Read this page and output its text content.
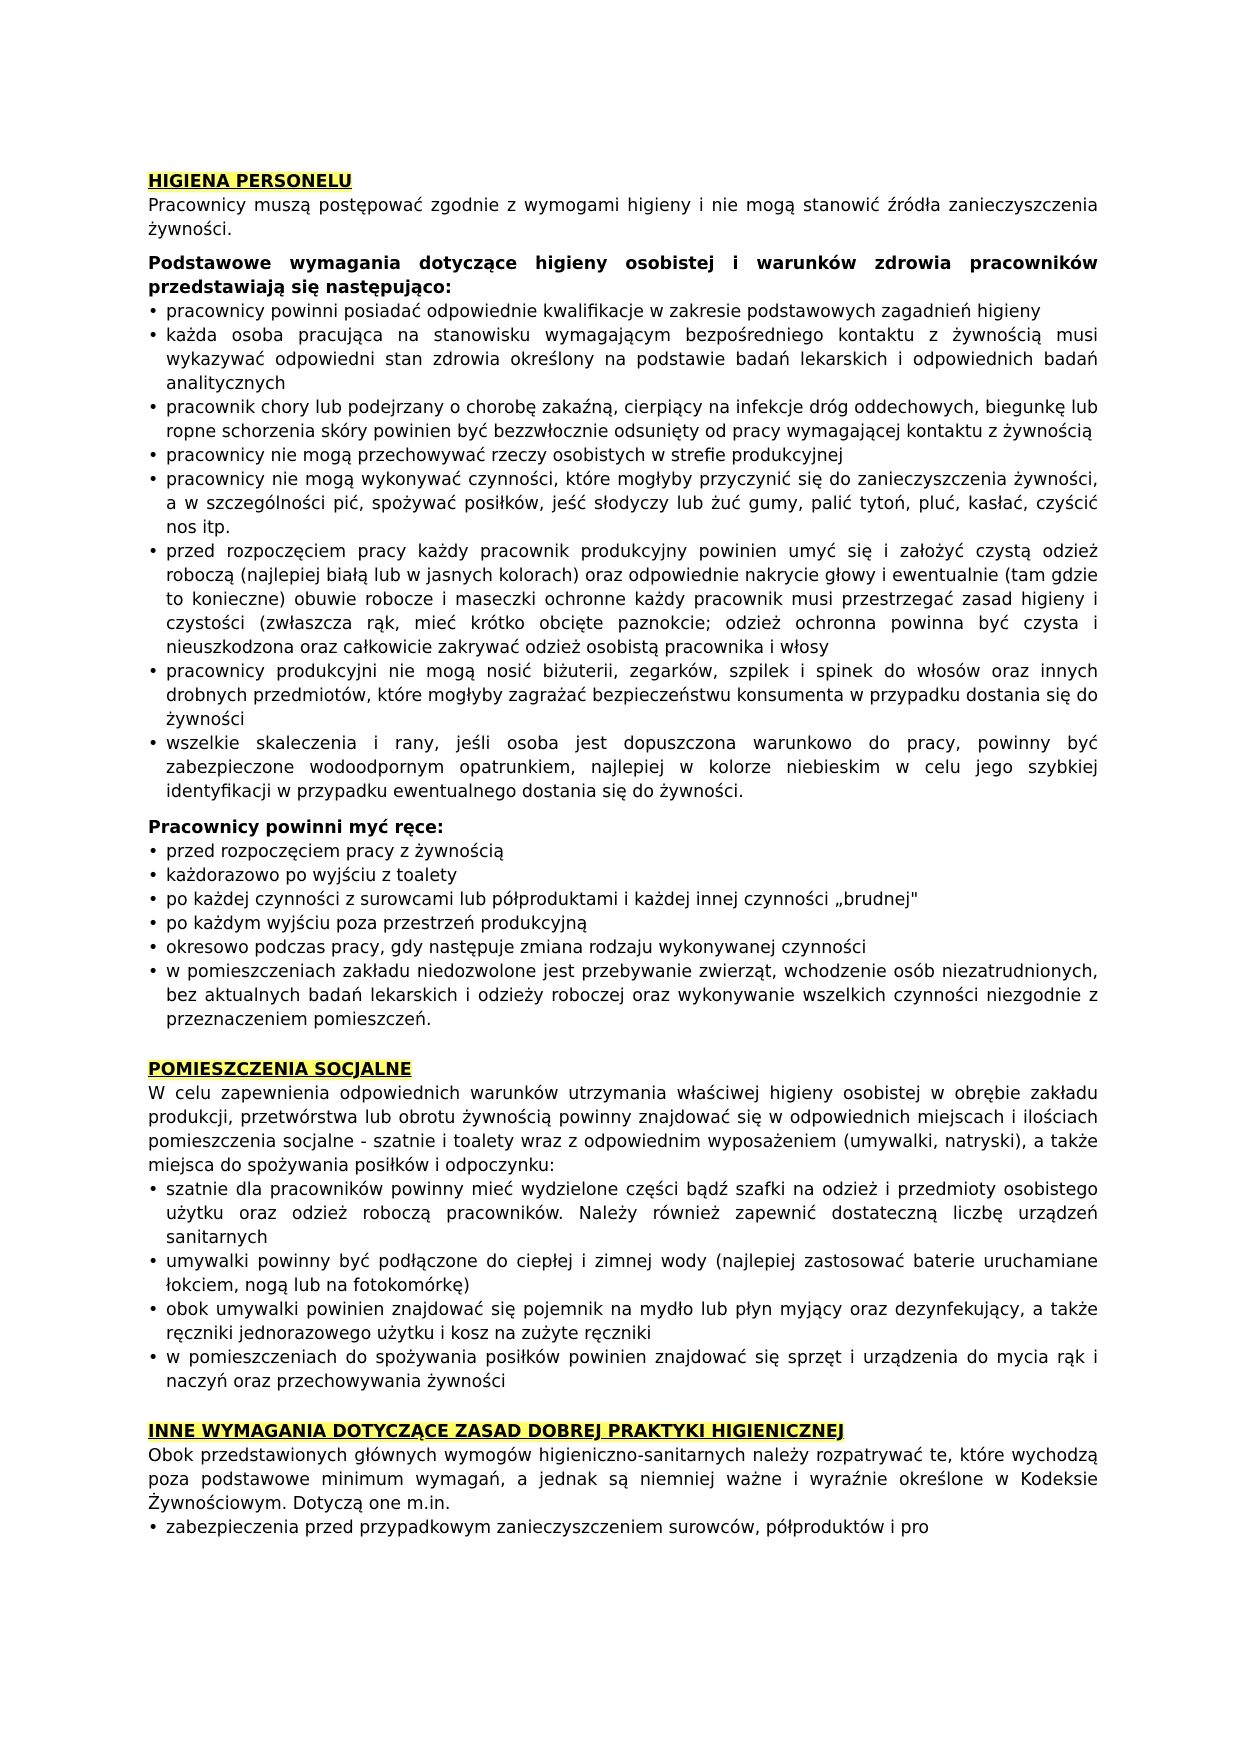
HIGIENA PERSONELU

Pracownicy muszą postępować zgodnie z wymogami higieny i nie mogą stanowić źródła zanieczyszczenia żywności.

Podstawowe wymagania dotyczące higieny osobistej i warunków zdrowia pracowników przedstawiają się następująco:

• pracownicy powinni posiadać odpowiednie kwalifikacje w zakresie podstawowych zagadnień higieny
• każda osoba pracująca na stanowisku wymagającym bezpośredniego kontaktu z żywnością musi wykazywać odpowiedni stan zdrowia określony na podstawie badań lekarskich i odpowiednich badań analitycznych
• pracownik chory lub podejrzany o chorobę zakaźną, cierpiący na infekcje dróg oddechowych, biegunkę lub ropne schorzenia skóry powinien być bezzwłocznie odsunięty od pracy wymagającej kontaktu z żywnością
• pracownicy nie mogą przechowywać rzeczy osobistych w strefie produkcyjnej
• pracownicy nie mogą wykonywać czynności, które mogłyby przyczynić się do zanieczyszczenia żywności, a w szczególności pić, spożywać posiłków, jeść słodyczy lub żuć gumy, palić tytoń, pluć, kasłać, czyścić nos itp.
• przed rozpoczęciem pracy każdy pracownik produkcyjny powinien umyć się i założyć czystą odzież roboczą (najlepiej białą lub w jasnych kolorach) oraz odpowiednie nakrycie głowy i ewentualnie (tam gdzie to konieczne) obuwie robocze i maseczki ochronne każdy pracownik musi przestrzegać zasad higieny i czystości (zwłaszcza rąk, mieć krótko obcięte paznokcie; odzież ochronna powinna być czysta i nieuszkodzona oraz całkowicie zakrywać odzież osobistą pracownika i włosy
• pracownicy produkcyjni nie mogą nosić biżuterii, zegarków, szpilek i spinek do włosów oraz innych drobnych przedmiotów, które mogłyby zagrażać bezpieczeństwu konsumenta w przypadku dostania się do żywności
• wszelkie skaleczenia i rany, jeśli osoba jest dopuszczona warunkowo do pracy, powinny być zabezpieczone wodoodpornym opatrunkiem, najlepiej w kolorze niebieskim w celu jego szybkiej identyfikacji w przypadku ewentualnego dostania się do żywności.

Pracownicy powinni myć ręce:

• przed rozpoczęciem pracy z żywnością
• każdorazowo po wyjściu z toalety
• po każdej czynności z surowcami lub półproduktami i każdej innej czynności „brudnej"
• po każdym wyjściu poza przestrzeń produkcyjną
• okresowo podczas pracy, gdy następuje zmiana rodzaju wykonywanej czynności
• w pomieszczeniach zakładu niedozwolone jest przebywanie zwierząt, wchodzenie osób niezatrudnionych, bez aktualnych badań lekarskich i odzieży roboczej oraz wykonywanie wszelkich czynności niezgodnie z przeznaczeniem pomieszczeń.
POMIESZCZENIA SOCJALNE

W celu zapewnienia odpowiednich warunków utrzymania właściwej higieny osobistej w obrębie zakładu produkcji, przetwórstwa lub obrotu żywnością powinny znajdować się w odpowiednich miejscach i ilościach pomieszczenia socjalne - szatnie i toalety wraz z odpowiednim wyposażeniem (umywalki, natryski), a także miejsca do spożywania posiłków i odpoczynku:

• szatnie dla pracowników powinny mieć wydzielone części bądź szafki na odzież i przedmioty osobistego użytku oraz odzież roboczą pracowników. Należy również zapewnić dostateczną liczbę urządzeń sanitarnych
• umywalki powinny być podłączone do ciepłej i zimnej wody (najlepiej zastosować baterie uruchamiane łokciem, nogą lub na fotokomórkę)
• obok umywalki powinien znajdować się pojemnik na mydło lub płyn myjący oraz dezynfekujący, a także ręczniki jednorazowego użytku i kosz na zużyte ręczniki
• w pomieszczeniach do spożywania posiłków powinien znajdować się sprzęt i urządzenia do mycia rąk i naczyń oraz przechowywania żywności
INNE WYMAGANIA DOTYCZĄCE ZASAD DOBREJ PRAKTYKI HIGIENICZNEJ

Obok przedstawionych głównych wymogów higieniczno-sanitarnych należy rozpatrywać te, które wychodzą poza podstawowe minimum wymagań, a jednak są niemniej ważne i wyraźnie określone w Kodeksie Żywnościowym. Dotyczą one m.in.

• zabezpieczenia przed przypadkowym zanieczyszczeniem surowców, półproduktów i pro
